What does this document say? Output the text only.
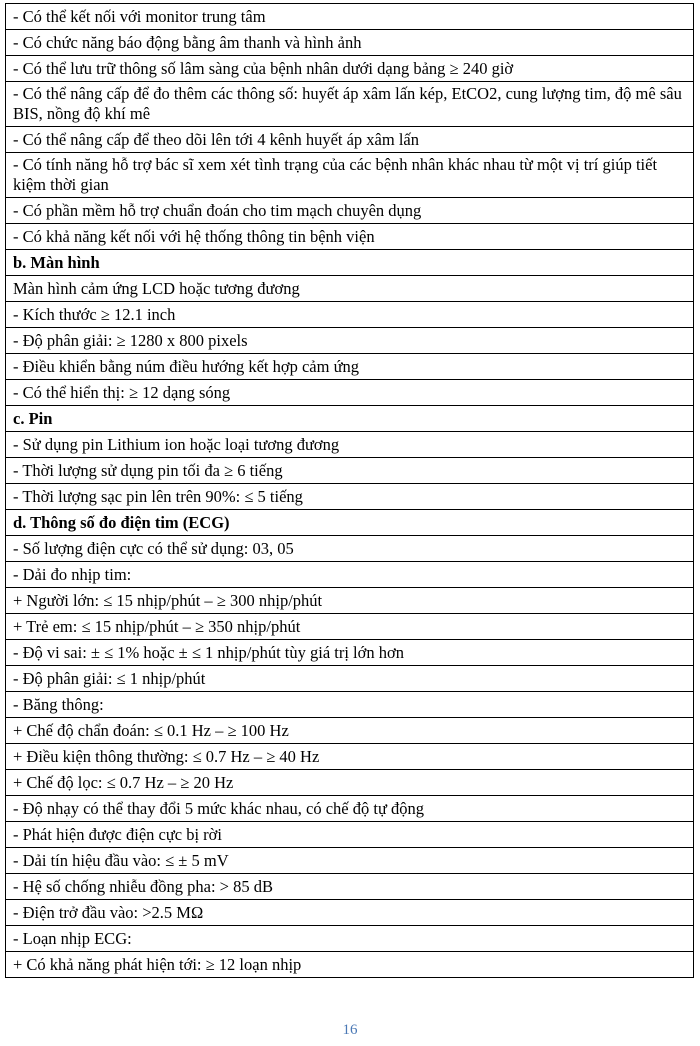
- Có thể kết nối với monitor trung tâm
- Có chức năng báo động bằng âm thanh và hình ảnh
- Có thể lưu trữ thông số lâm sàng của bệnh nhân dưới dạng bảng ≥ 240 giờ
- Có thể nâng cấp để đo thêm các thông số: huyết áp xâm lấn kép, EtCO2, cung lượng tim, độ mê sâu BIS, nồng độ khí mê
- Có thể nâng cấp để theo dõi lên tới 4 kênh huyết áp xâm lấn
- Có tính năng hỗ trợ bác sĩ xem xét tình trạng của các bệnh nhân khác nhau từ một vị trí giúp tiết kiệm thời gian
- Có phần mềm hỗ trợ chuẩn đoán cho tim mạch chuyên dụng
- Có khả năng kết nối với hệ thống thông tin bệnh viện
b. Màn hình
Màn hình cảm ứng LCD hoặc tương đương
- Kích thước ≥ 12.1 inch
- Độ phân giải: ≥ 1280 x 800 pixels
- Điều khiển bằng núm điều hướng kết hợp cảm ứng
- Có thể hiển thị: ≥ 12 dạng sóng
c. Pin
- Sử dụng pin Lithium ion hoặc loại tương đương
- Thời lượng sử dụng pin tối đa ≥ 6 tiếng
- Thời lượng sạc pin lên trên 90%: ≤ 5 tiếng
d. Thông số đo điện tim (ECG)
- Số lượng điện cực có thể sử dụng: 03, 05
- Dải đo nhịp tim:
+ Người lớn: ≤ 15 nhịp/phút – ≥ 300 nhịp/phút
+ Trẻ em: ≤ 15 nhịp/phút – ≥ 350 nhịp/phút
- Độ vi sai: ± ≤ 1% hoặc ± ≤ 1 nhịp/phút tùy giá trị lớn hơn
- Độ phân giải: ≤ 1 nhịp/phút
- Băng thông:
+ Chế độ chẩn đoán: ≤ 0.1 Hz – ≥ 100 Hz
+ Điều kiện thông thường: ≤ 0.7 Hz – ≥ 40 Hz
+ Chế độ lọc: ≤ 0.7 Hz – ≥ 20 Hz
- Độ nhạy có thể thay đổi 5 mức khác nhau, có chế độ tự động
- Phát hiện được điện cực bị rời
- Dải tín hiệu đầu vào: ≤ ± 5 mV
- Hệ số chống nhiễu đồng pha: > 85 dB
- Điện trở đầu vào: >2.5 MΩ
- Loạn nhịp ECG:
+ Có khả năng phát hiện tới: ≥ 12 loạn nhịp
16
